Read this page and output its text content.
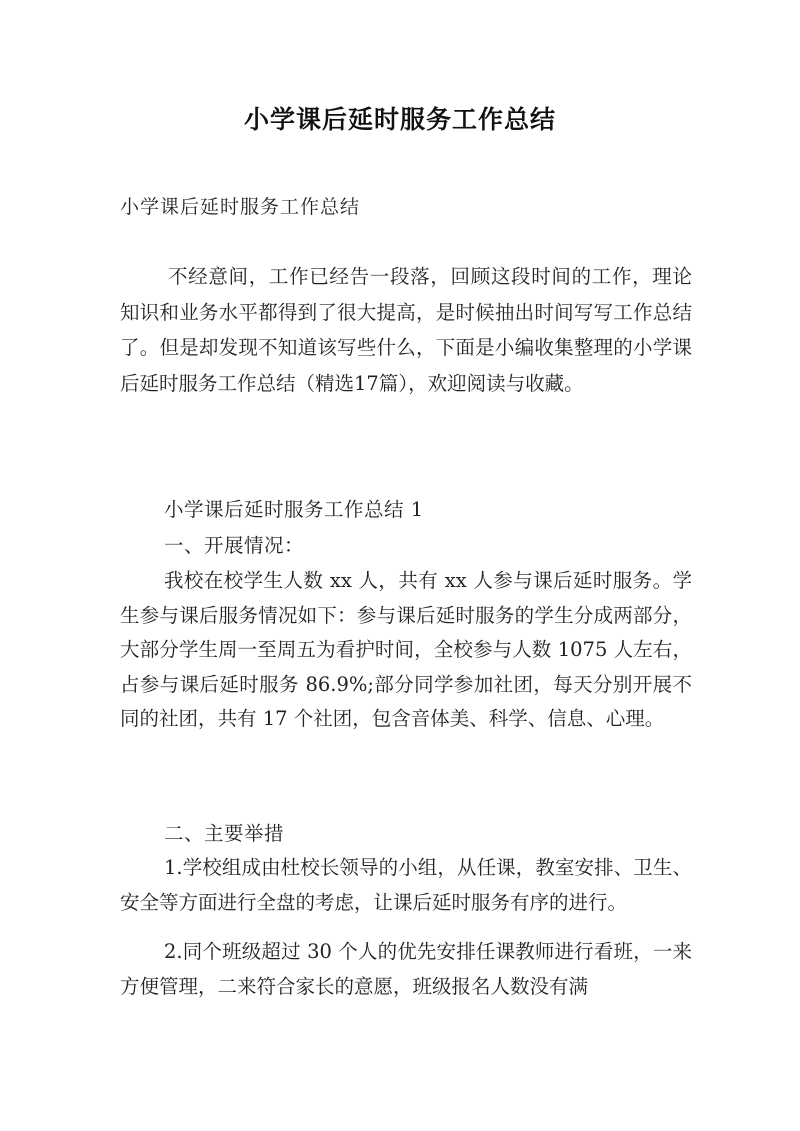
小学课后延时服务工作总结
小学课后延时服务工作总结
不经意间，工作已经告一段落，回顾这段时间的工作，理论知识和业务水平都得到了很大提高，是时候抽出时间写写工作总结了。但是却发现不知道该写些什么，下面是小编收集整理的小学课后延时服务工作总结（精选17篇），欢迎阅读与收藏。
小学课后延时服务工作总结 1
一、开展情况：
我校在校学生人数 xx 人，共有 xx 人参与课后延时服务。学生参与课后服务情况如下：参与课后延时服务的学生分成两部分，大部分学生周一至周五为看护时间，全校参与人数 1075 人左右，占参与课后延时服务 86.9%;部分同学参加社团，每天分别开展不同的社团，共有 17 个社团，包含音体美、科学、信息、心理。
二、主要举措
1.学校组成由杜校长领导的小组，从任课，教室安排、卫生、安全等方面进行全盘的考虑，让课后延时服务有序的进行。
2.同个班级超过 30 个人的优先安排任课教师进行看班，一来方便管理，二来符合家长的意愿，班级报名人数没有满
